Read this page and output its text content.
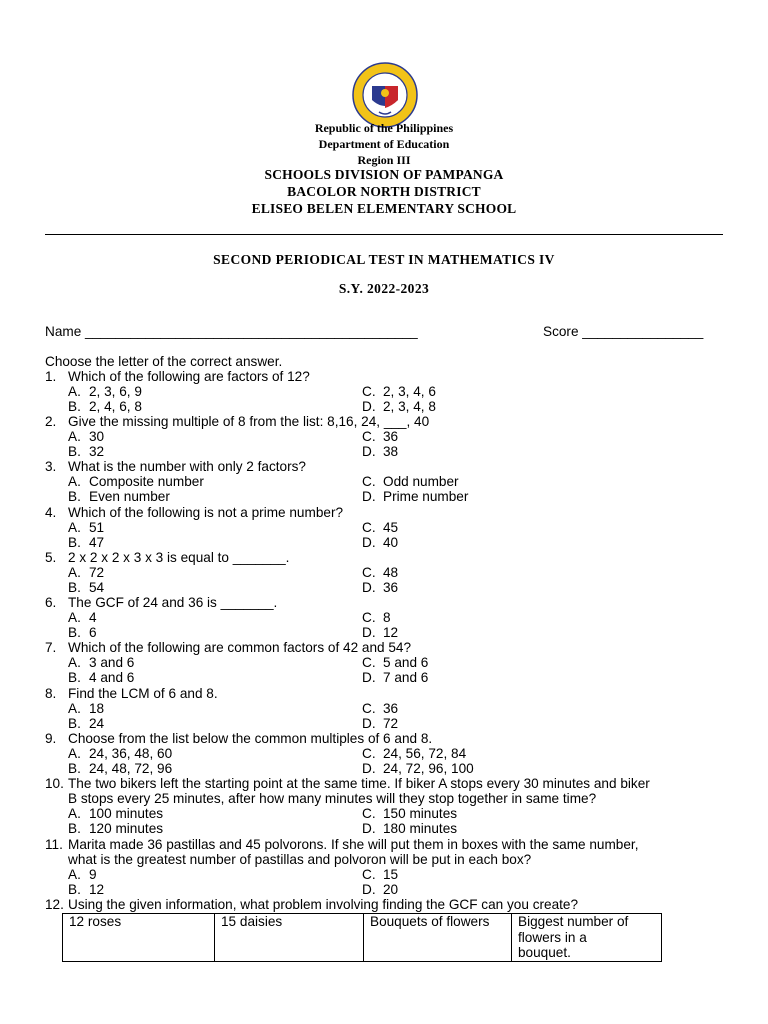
Republic of the Philippines
Department of Education
Region III
SCHOOLS DIVISION OF PAMPANGA
BACOLOR NORTH DISTRICT
ELISEO BELEN ELEMENTARY SCHOOL
SECOND PERIODICAL TEST IN MATHEMATICS IV
S.Y. 2022-2023
Name ____________________________________________	Score ________________
Choose the letter of the correct answer.
1. Which of the following are factors of 12?
A. 2, 3, 6, 9	C. 2, 3, 4, 6
B. 2, 4, 6, 8	D. 2, 3, 4, 8
2. Give the missing multiple of 8 from the list: 8,16, 24, ___, 40
A. 30	C. 36
B. 32	D. 38
3. What is the number with only 2 factors?
A. Composite number	C. Odd number
B. Even number	D. Prime number
4. Which of the following is not a prime number?
A. 51	C. 45
B. 47	D. 40
5. 2 x 2 x 2 x 3 x 3 is equal to _______.
A. 72	C. 48
B. 54	D. 36
6. The GCF of 24 and 36 is _______.
A. 4	C. 8
B. 6	D. 12
7. Which of the following are common factors of 42 and 54?
A. 3 and 6	C. 5 and 6
B. 4 and 6	D. 7 and 6
8. Find the LCM of 6 and 8.
A. 18	C. 36
B. 24	D. 72
9. Choose from the list below the common multiples of 6 and 8.
A. 24, 36, 48, 60	C. 24, 56, 72, 84
B. 24, 48, 72, 96	D. 24, 72, 96, 100
10. The two bikers left the starting point at the same time. If biker A stops every 30 minutes and biker
B stops every 25 minutes, after how many minutes will they stop together in same time?
A. 100 minutes	C. 150 minutes
B. 120 minutes	D. 180 minutes
11. Marita made 36 pastillas and 45 polvorons. If she will put them in boxes with the same number,
what is the greatest number of pastillas and polvoron will be put in each box?
A. 9	C. 15
B. 12	D. 20
12. Using the given information, what problem involving finding the GCF can you create?
12 roses	15 daisies	Bouquets of flowers	Biggest number of
flowers in a
bouquet.
